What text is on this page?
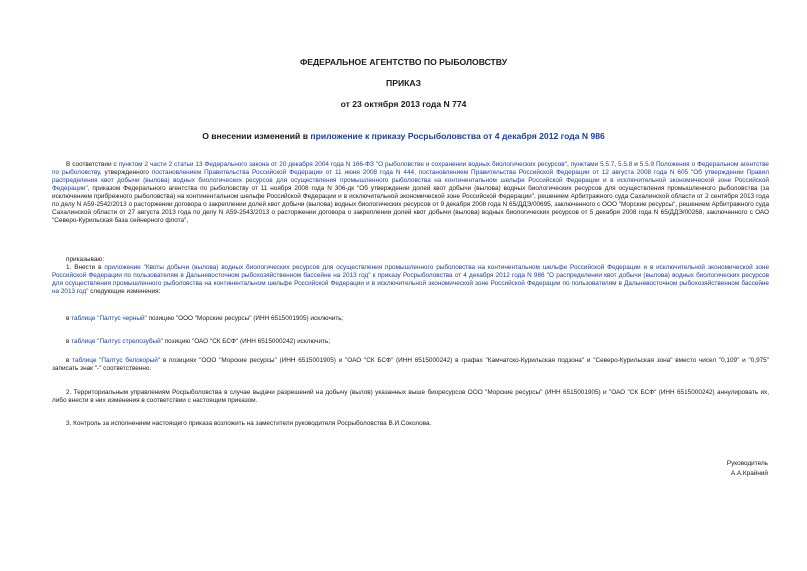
ФЕДЕРАЛЬНОЕ АГЕНТСТВО ПО РЫБОЛОВСТВУ
ПРИКАЗ
от 23 октября 2013 года N 774
О внесении изменений в приложение к приказу Росрыболовства от 4 декабря 2012 года N 986
В соответствии с пунктом 2 части 2 статьи 13 Федерального закона от 20 декабря 2004 года N 166-ФЗ "О рыболовстве и сохранении водных биологических ресурсов", пунктами 5.5.7, 5.5.8 и 5.5.9 Положения о Федеральном агентстве по рыболовству, утвержденного постановлением Правительства Российской Федерации от 11 июня 2008 года N 444, постановлением Правительства Российской Федерации от 12 августа 2008 года N 605 "Об утверждении Правил распределения квот добычи (вылова) водных биологических ресурсов для осуществления промышленного рыболовства на континентальном шельфе Российской Федерации и в исключительной экономической зоне Российской Федерации", приказом Федерального агентства по рыболовству от 11 ноября 2008 года N 306-дк "Об утверждении долей квот добычи (вылова) водных биологических ресурсов для осуществления промышленного рыболовства (за исключением прибрежного рыболовства) на континентальном шельфе Российской Федерации и в исключительной экономической зоне Российской Федерации", решением Арбитражного суда Сахалинской области от 2 сентября 2013 года по делу N А59-2542/2013 о расторжении договора о закреплении долей квот добычи (вылова) водных биологических ресурсов от 9 декабря 2008 года N 65/ДДЭ/00695, заключенного с ООО "Морские ресурсы", решением Арбитражного суда Сахалинской области от 27 августа 2013 года по делу N А59-2543/2013 о расторжении договора о закреплении долей квот добычи (вылова) водных биологических ресурсов от 5 декабря 2008 года N 65/ДДЭ/00268, заключенного с ОАО "Северо-Курильская база сейнерного флота",
приказываю:
1. Внести в приложение "Квоты добычи (вылова) водных биологических ресурсов для осуществления промышленного рыболовства на континентальном шельфе Российской Федерации и в исключительной экономической зоне Российской Федерации по пользователям в Дальневосточном рыбохозяйственном бассейне на 2013 год" к приказу Росрыболовства от 4 декабря 2012 года N 986 "О распределении квот добычи (вылова) водных биологических ресурсов для осуществления промышленного рыболовства на континентальном шельфе Российской Федерации и в исключительной экономической зоне Российской Федерации по пользователям в Дальневосточном рыбохозяйственном бассейне на 2013 год" следующие изменения:
в таблице "Палтус черный" позицию "ООО "Морские ресурсы" (ИНН 6515001905) исключить;
в таблице "Палтус стрелозубый" позицию "ОАО "СК БСФ" (ИНН 6515000242) исключить;
в таблице "Палтус белокорый" в позициях "ООО "Морские ресурсы" (ИНН 6515001905) и "ОАО "СК БСФ" (ИНН 6515000242) в графах "Камчатско-Курильская подзона" и "Северо-Курильская зона" вместо чисел "0,109" и "0,975" записать знак "-" соответственно.
2. Территориальным управлениям Росрыболовства в случае выдачи разрешений на добычу (вылов) указанных выше биоресурсов ООО "Морские ресурсы" (ИНН 6515001905) и "ОАО "СК БСФ" (ИНН 6515000242) аннулировать их, либо внести в них изменения в соответствии с настоящим приказом.
3. Контроль за исполнением настоящего приказа возложить на заместителя руководителя Росрыболовства В.И.Соколова.
Руководитель
А.А.Крайний
